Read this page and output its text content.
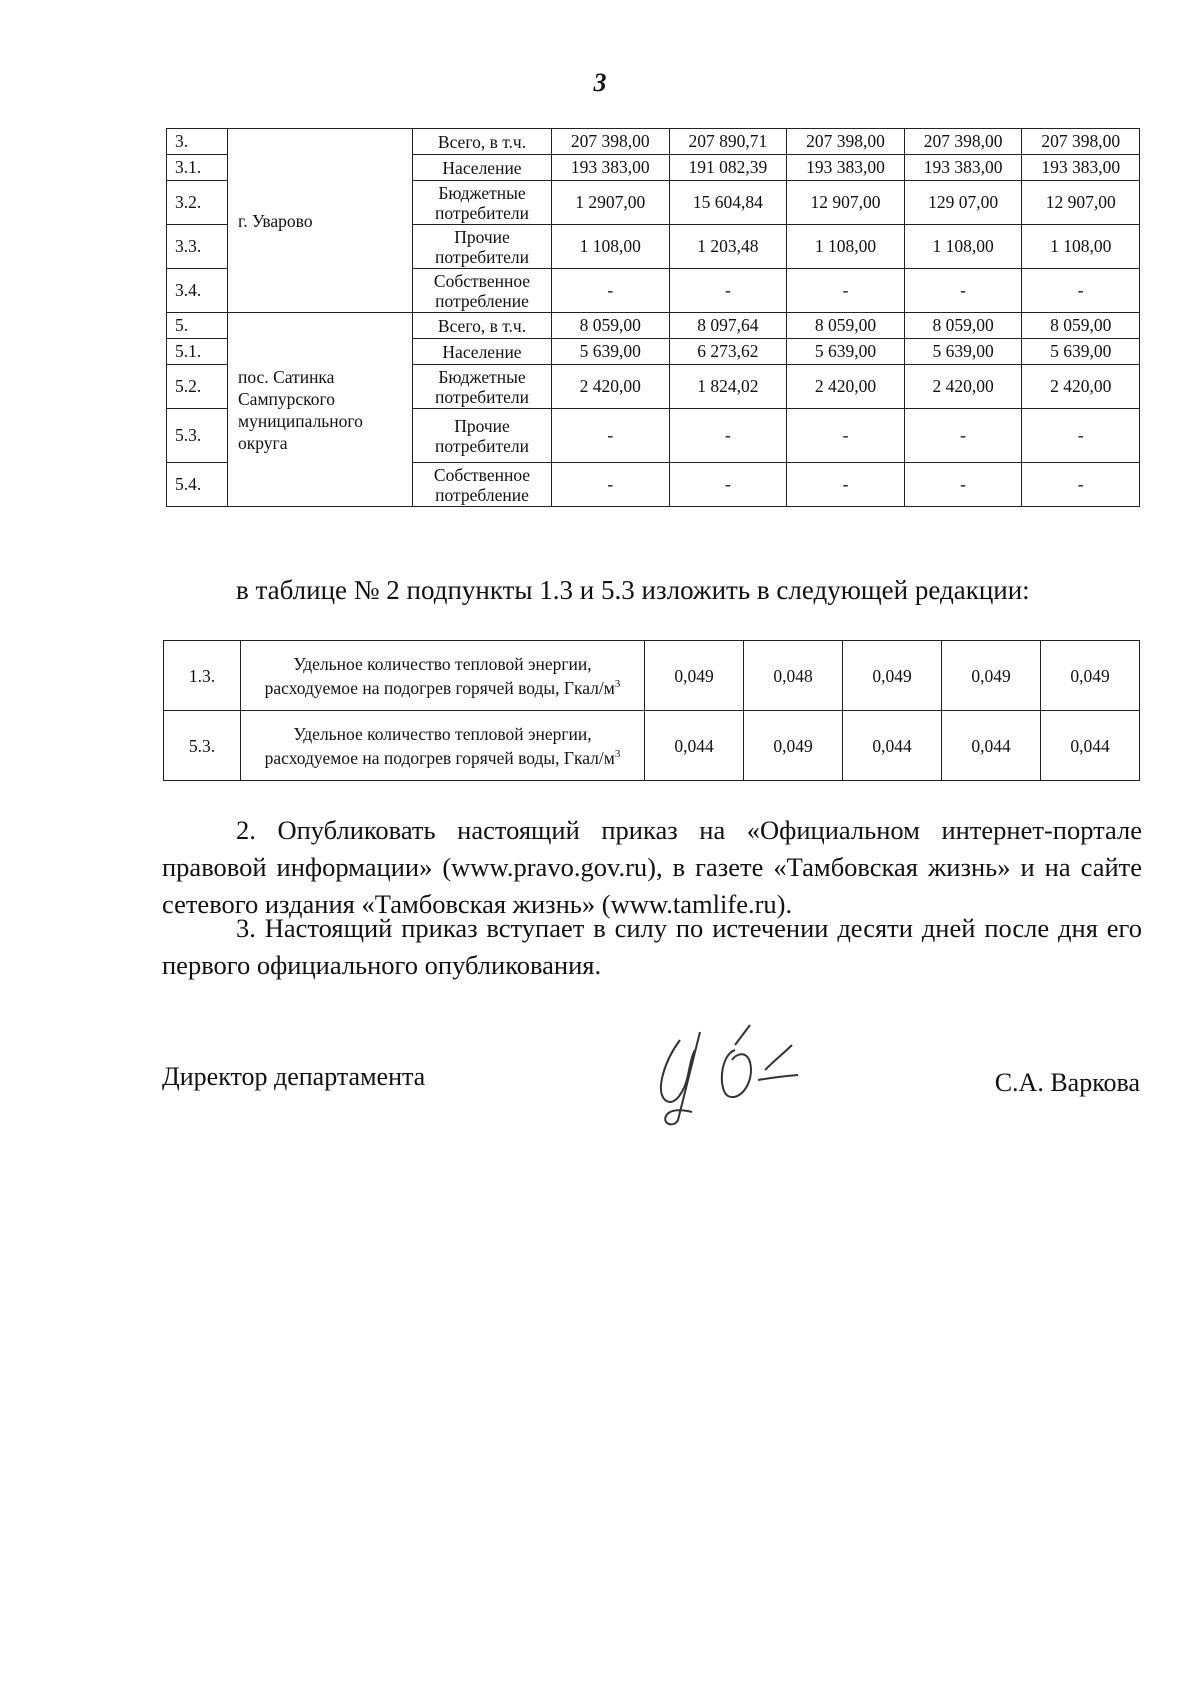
3
3.	г. Уварово	Всего, в т.ч.	207 398,00	207 890,71	207 398,00	207 398,00	207 398,00
3.1.		Население	193 383,00	191 082,39	193 383,00	193 383,00	193 383,00
3.2.		Бюджетные потребители	1 2907,00	15 604,84	12 907,00	129 07,00	12 907,00
3.3.		Прочие потребители	1 108,00	1 203,48	1 108,00	1 108,00	1 108,00
3.4.		Собственное потребление	-	-	-	-	-
5.	пос. Сатинка Сампурского муниципального округа	Всего, в т.ч.	8 059,00	8 097,64	8 059,00	8 059,00	8 059,00
5.1.		Население	5 639,00	6 273,62	5 639,00	5 639,00	5 639,00
5.2.		Бюджетные потребители	2 420,00	1 824,02	2 420,00	2 420,00	2 420,00
5.3.		Прочие потребители	-	-	-	-	-
5.4.		Собственное потребление	-	-	-	-	-
в таблице № 2 подпункты 1.3 и 5.3 изложить в следующей редакции:
1.3.	Удельное количество тепловой энергии, расходуемое на подогрев горячей воды, Гкал/$м^3$	0,049	0,048	0,049	0,049	0,049
5.3.	Удельное количество тепловой энергии, расходуемое на подогрев горячей воды, Гкал/$м^3$	0,044	0,049	0,044	0,044	0,044
2. Опубликовать настоящий приказ на «Официальном интернет-портале правовой информации» (www.pravo.gov.ru), в газете «Тамбовская жизнь» и на сайте сетевого издания «Тамбовская жизнь» (www.tamlife.ru).
3. Настоящий приказ вступает в силу по истечении десяти дней после дня его первого официального опубликования.
Директор департамента	С.А. Варкова
